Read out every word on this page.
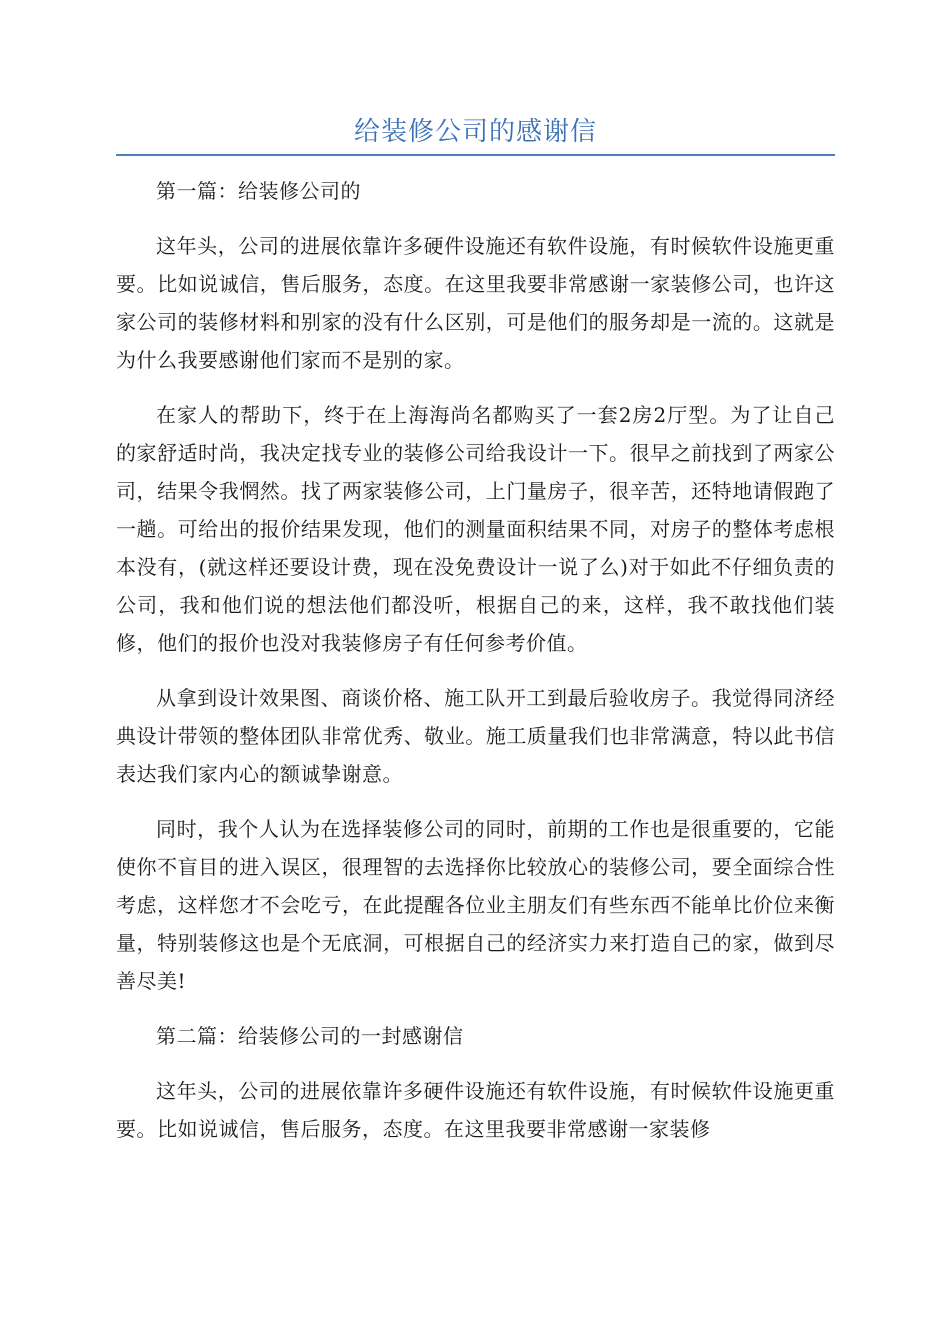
给装修公司的感谢信

第一篇：给装修公司的

这年头，公司的进展依靠许多硬件设施还有软件设施，有时候软件设施更重要。比如说诚信，售后服务，态度。在这里我要非常感谢一家装修公司，也许这家公司的装修材料和别家的没有什么区别，可是他们的服务却是一流的。这就是为什么我要感谢他们家而不是别的家。

在家人的帮助下，终于在上海海尚名都购买了一套2房2厅型。为了让自己的家舒适时尚，我决定找专业的装修公司给我设计一下。很早之前找到了两家公司，结果令我惘然。找了两家装修公司，上门量房子，很辛苦，还特地请假跑了一趟。可给出的报价结果发现，他们的测量面积结果不同，对房子的整体考虑根本没有，(就这样还要设计费，现在没免费设计一说了么)对于如此不仔细负责的公司，我和他们说的想法他们都没听，根据自己的来，这样，我不敢找他们装修，他们的报价也没对我装修房子有任何参考价值。

从拿到设计效果图、商谈价格、施工队开工到最后验收房子。我觉得同济经典设计带领的整体团队非常优秀、敬业。施工质量我们也非常满意，特以此书信表达我们家内心的额诚挚谢意。

同时，我个人认为在选择装修公司的同时，前期的工作也是很重要的，它能使你不盲目的进入误区，很理智的去选择你比较放心的装修公司，要全面综合性考虑，这样您才不会吃亏，在此提醒各位业主朋友们有些东西不能单比价位来衡量，特别装修这也是个无底洞，可根据自己的经济实力来打造自己的家，做到尽善尽美!

第二篇：给装修公司的一封感谢信

这年头，公司的进展依靠许多硬件设施还有软件设施，有时候软件设施更重要。比如说诚信，售后服务，态度。在这里我要非常感谢一家装修
